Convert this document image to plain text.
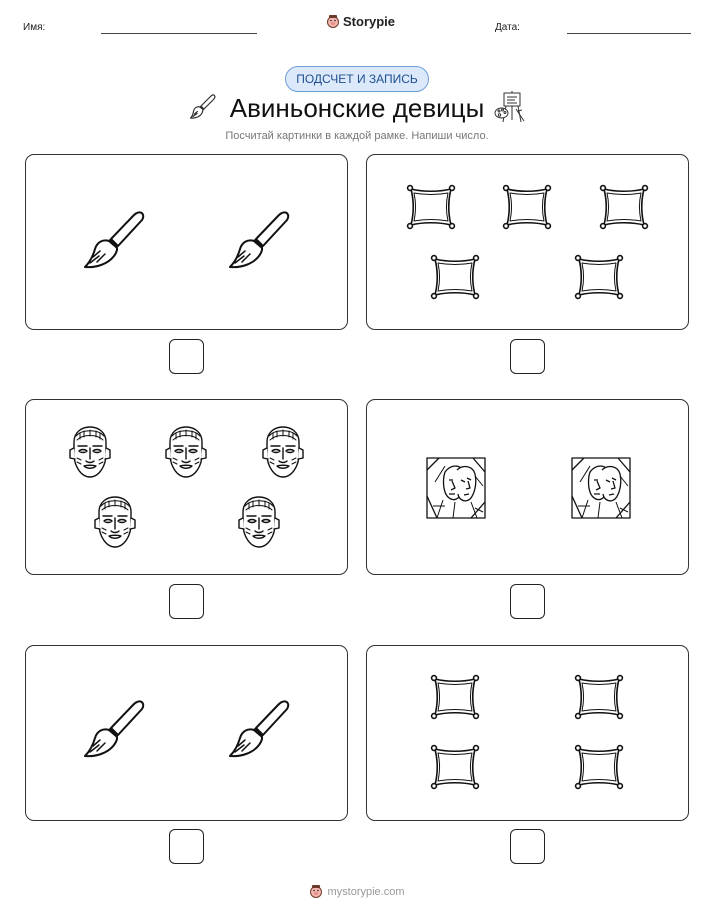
Имя:	Storypie	Дата:
ПОДСЧЕТ И ЗАПИСЬ
Авиньонские девицы
Посчитай картинки в каждой рамке. Напиши число.
mystorypie.com
